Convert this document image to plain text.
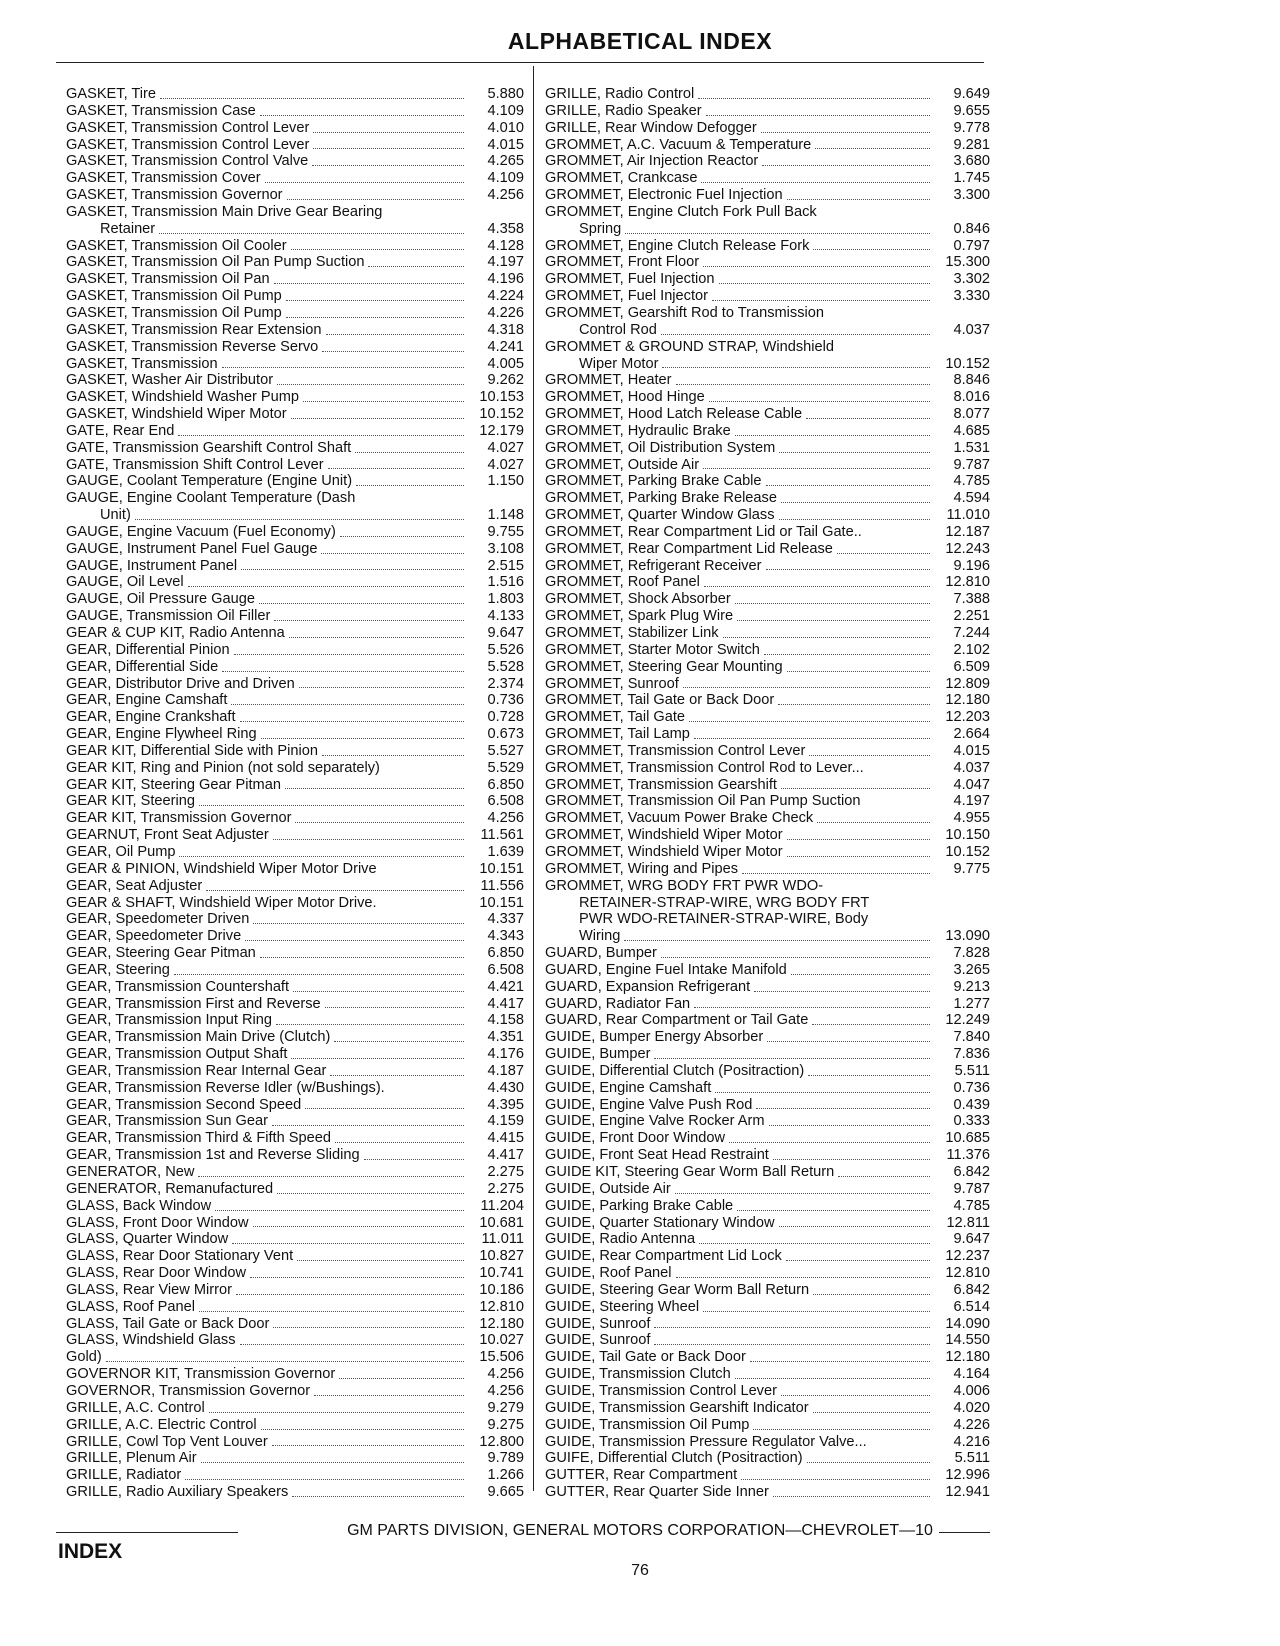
ALPHABETICAL INDEX
GASKET, Tire	5.880
GASKET, Transmission Case	4.109
GASKET, Transmission Control Lever	4.010
GASKET, Transmission Control Lever	4.015
GASKET, Transmission Control Valve	4.265
GASKET, Transmission Cover	4.109
GASKET, Transmission Governor	4.256
GASKET, Transmission Main Drive Gear Bearing
Retainer	4.358
GASKET, Transmission Oil Cooler	4.128
GASKET, Transmission Oil Pan Pump Suction	4.197
GASKET, Transmission Oil Pan	4.196
GASKET, Transmission Oil Pump	4.224
GASKET, Transmission Oil Pump	4.226
GASKET, Transmission Rear Extension	4.318
GASKET, Transmission Reverse Servo	4.241
GASKET, Transmission	4.005
GASKET, Washer Air Distributor	9.262
GASKET, Windshield Washer Pump	10.153
GASKET, Windshield Wiper Motor	10.152
GATE, Rear End	12.179
GATE, Transmission Gearshift Control Shaft	4.027
GATE, Transmission Shift Control Lever	4.027
GAUGE, Coolant Temperature (Engine Unit)	1.150
GAUGE, Engine Coolant Temperature (Dash
Unit)	1.148
GAUGE, Engine Vacuum (Fuel Economy)	9.755
GAUGE, Instrument Panel Fuel Gauge	3.108
GAUGE, Instrument Panel	2.515
GAUGE, Oil Level	1.516
GAUGE, Oil Pressure Gauge	1.803
GAUGE, Transmission Oil Filler	4.133
GEAR & CUP KIT, Radio Antenna	9.647
GEAR, Differential Pinion	5.526
GEAR, Differential Side	5.528
GEAR, Distributor Drive and Driven	2.374
GEAR, Engine Camshaft	0.736
GEAR, Engine Crankshaft	0.728
GEAR, Engine Flywheel Ring	0.673
GEAR KIT, Differential Side with Pinion	5.527
GEAR KIT, Ring and Pinion (not sold separately)	5.529
GEAR KIT, Steering Gear Pitman	6.850
GEAR KIT, Steering	6.508
GEAR KIT, Transmission Governor	4.256
GEARNUT, Front Seat Adjuster	11.561
GEAR, Oil Pump	1.639
GEAR & PINION, Windshield Wiper Motor Drive	10.151
GEAR, Seat Adjuster	11.556
GEAR & SHAFT, Windshield Wiper Motor Drive.	10.151
GEAR, Speedometer Driven	4.337
GEAR, Speedometer Drive	4.343
GEAR, Steering Gear Pitman	6.850
GEAR, Steering	6.508
GEAR, Transmission Countershaft	4.421
GEAR, Transmission First and Reverse	4.417
GEAR, Transmission Input Ring	4.158
GEAR, Transmission Main Drive (Clutch)	4.351
GEAR, Transmission Output Shaft	4.176
GEAR, Transmission Rear Internal Gear	4.187
GEAR, Transmission Reverse Idler (w/Bushings).	4.430
GEAR, Transmission Second Speed	4.395
GEAR, Transmission Sun Gear	4.159
GEAR, Transmission Third & Fifth Speed	4.415
GEAR, Transmission 1st and Reverse Sliding	4.417
GENERATOR, New	2.275
GENERATOR, Remanufactured	2.275
GLASS, Back Window	11.204
GLASS, Front Door Window	10.681
GLASS, Quarter Window	11.011
GLASS, Rear Door Stationary Vent	10.827
GLASS, Rear Door Window	10.741
GLASS, Rear View Mirror	10.186
GLASS, Roof Panel	12.810
GLASS, Tail Gate or Back Door	12.180
GLASS, Windshield Glass	10.027
Gold)	15.506
GOVERNOR KIT, Transmission Governor	4.256
GOVERNOR, Transmission Governor	4.256
GRILLE, A.C. Control	9.279
GRILLE, A.C. Electric Control	9.275
GRILLE, Cowl Top Vent Louver	12.800
GRILLE, Plenum Air	9.789
GRILLE, Radiator	1.266
GRILLE, Radio Auxiliary Speakers	9.665
GRILLE, Radio Control	9.649
GRILLE, Radio Speaker	9.655
GRILLE, Rear Window Defogger	9.778
GROMMET, A.C. Vacuum & Temperature	9.281
GROMMET, Air Injection Reactor	3.680
GROMMET, Crankcase	1.745
GROMMET, Electronic Fuel Injection	3.300
GROMMET, Engine Clutch Fork Pull Back
Spring	0.846
GROMMET, Engine Clutch Release Fork	0.797
GROMMET, Front Floor	15.300
GROMMET, Fuel Injection	3.302
GROMMET, Fuel Injector	3.330
GROMMET, Gearshift Rod to Transmission
Control Rod	4.037
GROMMET & GROUND STRAP, Windshield
Wiper Motor	10.152
GROMMET, Heater	8.846
GROMMET, Hood Hinge	8.016
GROMMET, Hood Latch Release Cable	8.077
GROMMET, Hydraulic Brake	4.685
GROMMET, Oil Distribution System	1.531
GROMMET, Outside Air	9.787
GROMMET, Parking Brake Cable	4.785
GROMMET, Parking Brake Release	4.594
GROMMET, Quarter Window Glass	11.010
GROMMET, Rear Compartment Lid or Tail Gate..	12.187
GROMMET, Rear Compartment Lid Release	12.243
GROMMET, Refrigerant Receiver	9.196
GROMMET, Roof Panel	12.810
GROMMET, Shock Absorber	7.388
GROMMET, Spark Plug Wire	2.251
GROMMET, Stabilizer Link	7.244
GROMMET, Starter Motor Switch	2.102
GROMMET, Steering Gear Mounting	6.509
GROMMET, Sunroof	12.809
GROMMET, Tail Gate or Back Door	12.180
GROMMET, Tail Gate	12.203
GROMMET, Tail Lamp	2.664
GROMMET, Transmission Control Lever	4.015
GROMMET, Transmission Control Rod to Lever...	4.037
GROMMET, Transmission Gearshift	4.047
GROMMET, Transmission Oil Pan Pump Suction	4.197
GROMMET, Vacuum Power Brake Check	4.955
GROMMET, Windshield Wiper Motor	10.150
GROMMET, Windshield Wiper Motor	10.152
GROMMET, Wiring and Pipes	9.775
GROMMET, WRG BODY FRT PWR WDO-
RETAINER-STRAP-WIRE, WRG BODY FRT
PWR WDO-RETAINER-STRAP-WIRE, Body
Wiring	13.090
GUARD, Bumper	7.828
GUARD, Engine Fuel Intake Manifold	3.265
GUARD, Expansion Refrigerant	9.213
GUARD, Radiator Fan	1.277
GUARD, Rear Compartment or Tail Gate	12.249
GUIDE, Bumper Energy Absorber	7.840
GUIDE, Bumper	7.836
GUIDE, Differential Clutch (Positraction)	5.511
GUIDE, Engine Camshaft	0.736
GUIDE, Engine Valve Push Rod	0.439
GUIDE, Engine Valve Rocker Arm	0.333
GUIDE, Front Door Window	10.685
GUIDE, Front Seat Head Restraint	11.376
GUIDE KIT, Steering Gear Worm Ball Return	6.842
GUIDE, Outside Air	9.787
GUIDE, Parking Brake Cable	4.785
GUIDE, Quarter Stationary Window	12.811
GUIDE, Radio Antenna	9.647
GUIDE, Rear Compartment Lid Lock	12.237
GUIDE, Roof Panel	12.810
GUIDE, Steering Gear Worm Ball Return	6.842
GUIDE, Steering Wheel	6.514
GUIDE, Sunroof	14.090
GUIDE, Sunroof	14.550
GUIDE, Tail Gate or Back Door	12.180
GUIDE, Transmission Clutch	4.164
GUIDE, Transmission Control Lever	4.006
GUIDE, Transmission Gearshift Indicator	4.020
GUIDE, Transmission Oil Pump	4.226
GUIDE, Transmission Pressure Regulator Valve...	4.216
GUIFE, Differential Clutch (Positraction)	5.511
GUTTER, Rear Compartment	12.996
GUTTER, Rear Quarter Side Inner	12.941
GM PARTS DIVISION, GENERAL MOTORS CORPORATION—CHEVROLET—10
INDEX
76
